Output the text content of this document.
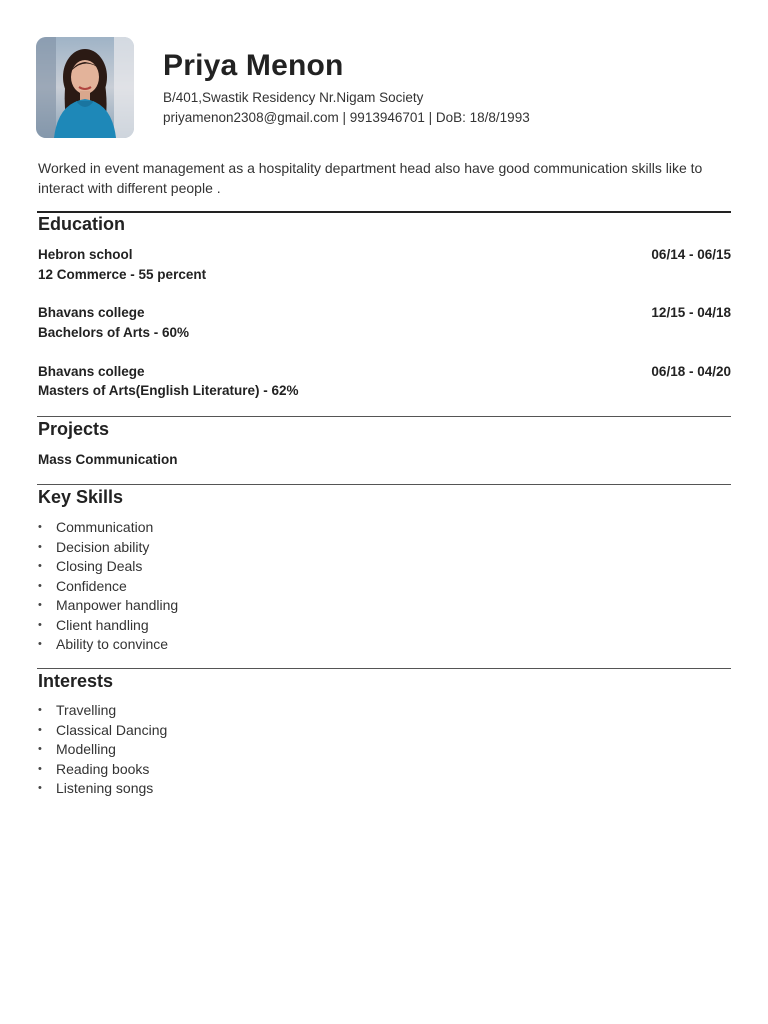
Priya Menon
B/401,Swastik Residency Nr.Nigam Society
priyamenon2308@gmail.com | 9913946701 | DoB: 18/8/1993
Worked in event management as a hospitality department head also have good communication skills like to interact with different people .
Education
Hebron school	06/14 - 06/15
12 Commerce - 55 percent
Bhavans college	12/15 - 04/18
Bachelors of Arts - 60%
Bhavans college	06/18 - 04/20
Masters of Arts(English Literature) - 62%
Projects
Mass Communication
Key Skills
• Communication
• Decision ability
• Closing Deals
• Confidence
• Manpower handling
• Client handling
• Ability to convince
Interests
• Travelling
• Classical Dancing
• Modelling
• Reading books
• Listening songs
